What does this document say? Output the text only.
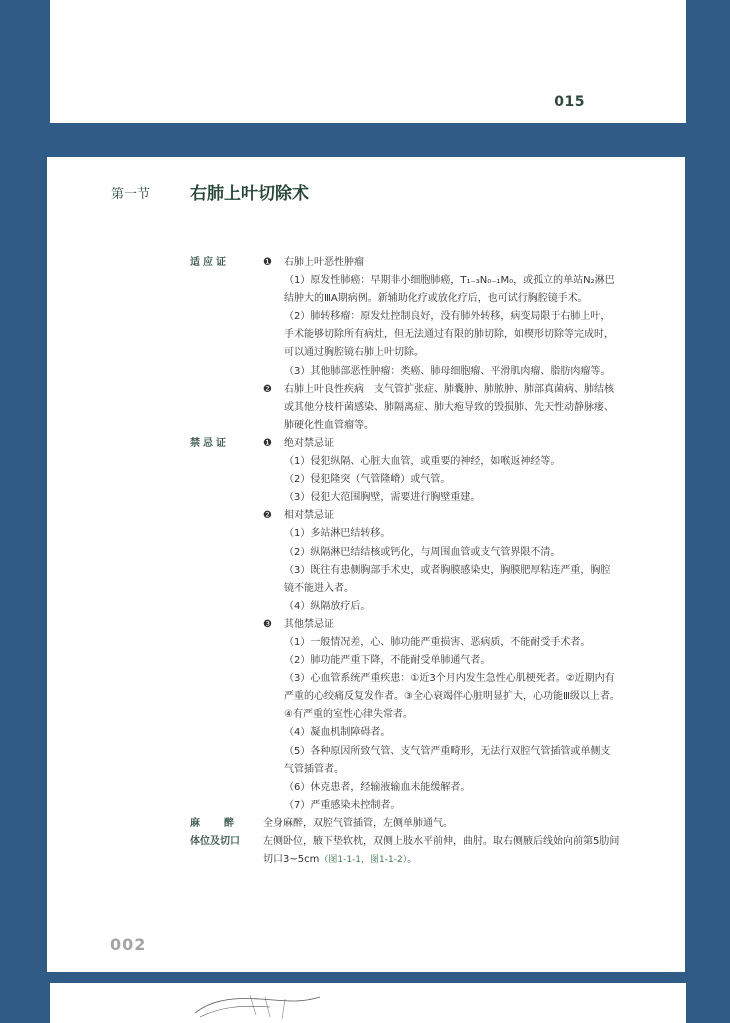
015
第一节 右肺上叶切除术
适应证	❶	右肺上叶恶性肿瘤

（1）原发性肺癌：早期非小细胞肺癌，T₁₋₃N₀₋₁M₀，或孤立的单站N₂淋巴结肿大的ⅢA期病例。新辅助化疗或放化疗后，也可试行胸腔镜手术。

（2）肺转移瘤：原发灶控制良好，没有肺外转移，病变局限于右肺上叶，手术能够切除所有病灶，但无法通过有限的肺切除，如楔形切除等完成时，可以通过胸腔镜右肺上叶切除。

（3）其他肺部恶性肿瘤：类癌、肺母细胞瘤、平滑肌肉瘤、脂肪肉瘤等。

❷	右肺上叶良性疾病　支气管扩张症、肺囊肿、肺脓肿、肺部真菌病、肺结核或其他分枝杆菌感染、肺隔离症、肺大疱导致的毁损肺、先天性动静脉瘘、肺硬化性血管瘤等。

禁忌证	❶	绝对禁忌证

（1）侵犯纵隔、心脏大血管，或重要的神经，如喉返神经等。

（2）侵犯隆突（气管隆嵴）或气管。

（3）侵犯大范围胸壁，需要进行胸壁重建。

❷	相对禁忌证

（1）多站淋巴结转移。

（2）纵隔淋巴结结核或钙化，与周围血管或支气管界限不清。

（3）既往有患侧胸部手术史，或者胸膜感染史，胸膜肥厚粘连严重，胸腔镜不能进入者。

（4）纵隔放疗后。

❸	其他禁忌证

（1）一般情况差，心、肺功能严重损害、恶病质，不能耐受手术者。

（2）肺功能严重下降，不能耐受单肺通气者。

（3）心血管系统严重疾患：①近3个月内发生急性心肌梗死者。②近期内有严重的心绞痛反复发作者。③全心衰竭伴心脏明显扩大，心功能Ⅲ级以上者。④有严重的室性心律失常者。

（4）凝血机制障碍者。

（5）各种原因所致气管、支气管严重畸形，无法行双腔气管插管或单侧支气管插管者。

（6）休克患者，经输液输血未能缓解者。

（7）严重感染未控制者。

麻醉 全身麻醉，双腔气管插管，左侧单肺通气。
体位及切口	左侧卧位，腋下垫软枕，双侧上肢水平前伸，曲肘。取右侧腋后线始向前第5肋间切口3~5cm（图1-1-1，图1-1-2）。
002
